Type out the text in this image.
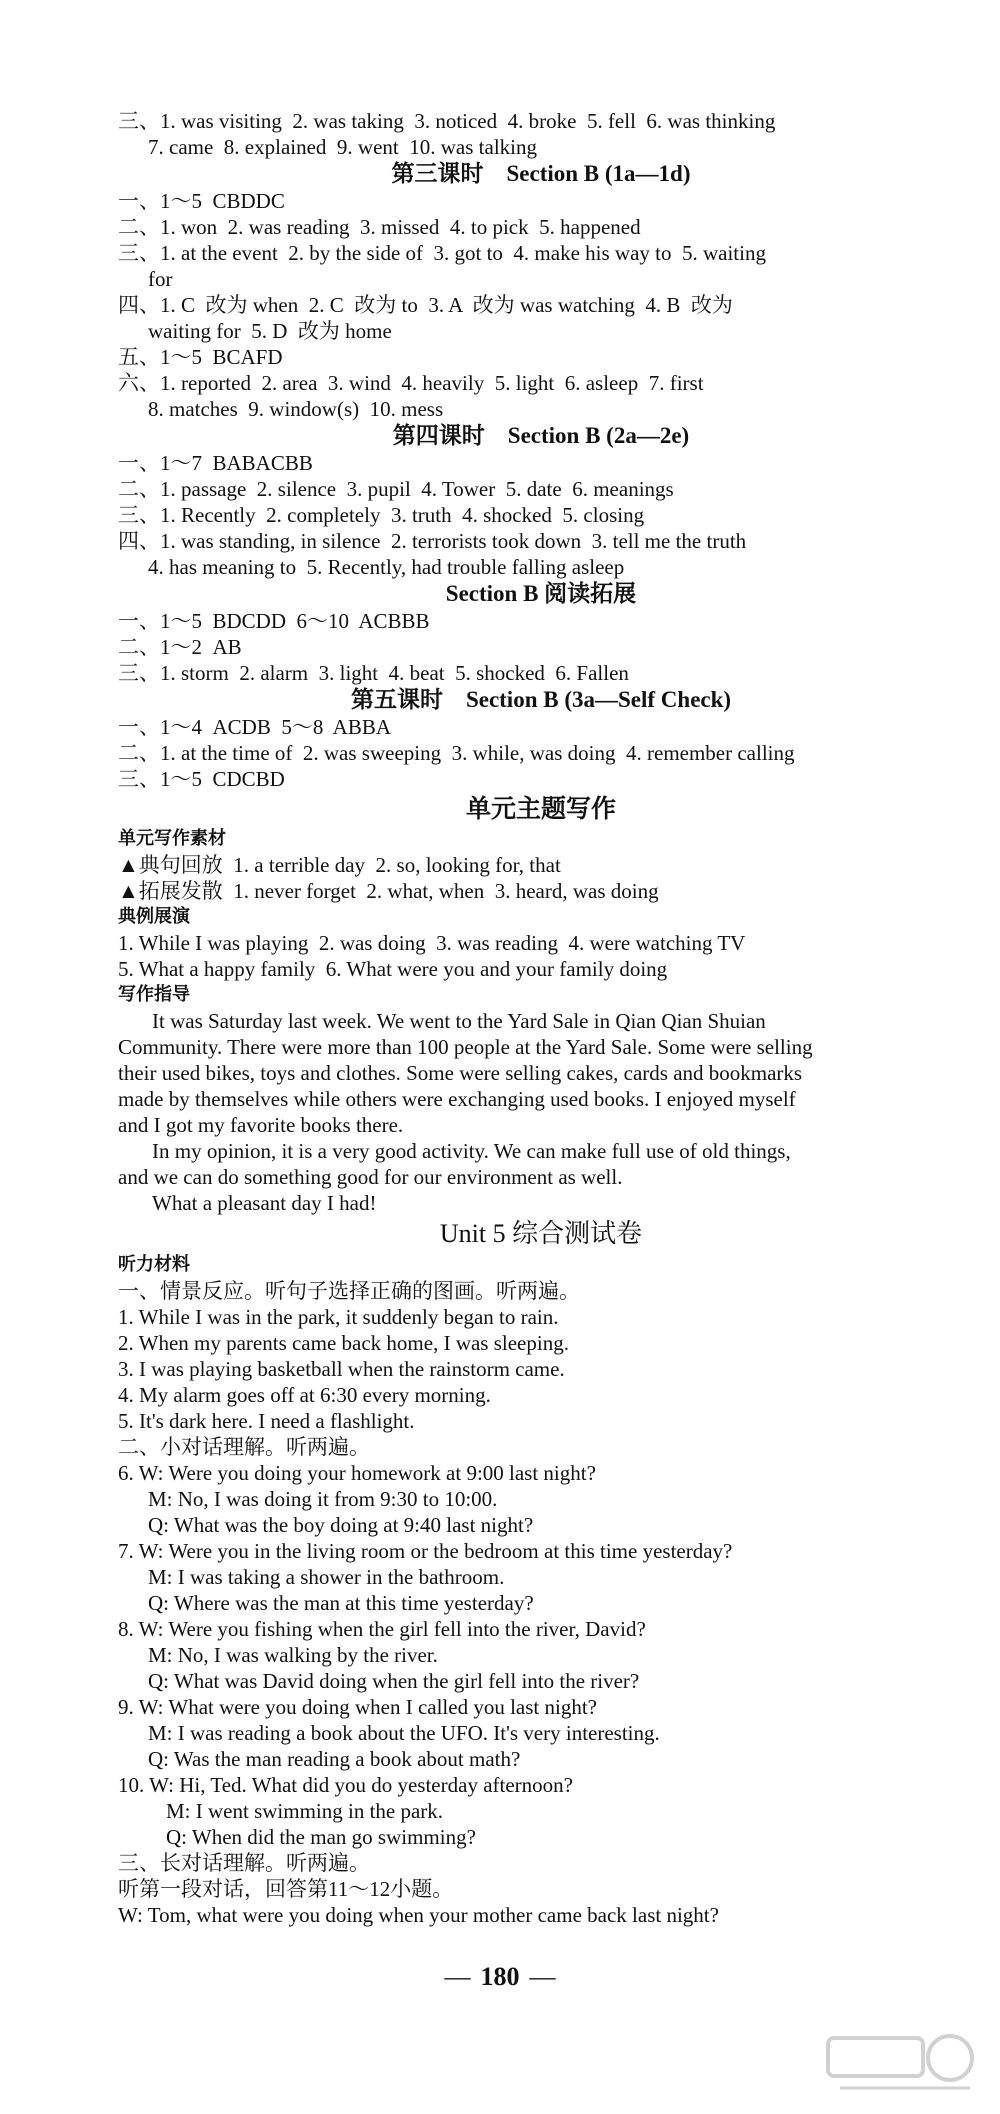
三、1. was visiting  2. was taking  3. noticed  4. broke  5. fell  6. was thinking
7. came  8. explained  9. went  10. was talking
第三课时    Section B (1a—1d)
一、1～5  CBDDC
二、1. won  2. was reading  3. missed  4. to pick  5. happened
三、1. at the event  2. by the side of  3. got to  4. make his way to  5. waiting
for
四、1. C  改为 when  2. C  改为 to  3. A  改为 was watching  4. B  改为
waiting for  5. D  改为 home
五、1～5  BCAFD
六、1. reported  2. area  3. wind  4. heavily  5. light  6. asleep  7. first
8. matches  9. window(s)  10. mess
第四课时    Section B (2a—2e)
一、1～7  BABACBB
二、1. passage  2. silence  3. pupil  4. Tower  5. date  6. meanings
三、1. Recently  2. completely  3. truth  4. shocked  5. closing
四、1. was standing, in silence  2. terrorists took down  3. tell me the truth
4. has meaning to  5. Recently, had trouble falling asleep
Section B 阅读拓展
一、1～5  BDCDD  6～10  ACBBB
二、1～2  AB
三、1. storm  2. alarm  3. light  4. beat  5. shocked  6. Fallen
第五课时    Section B (3a—Self Check)
一、1～4  ACDB  5～8  ABBA
二、1. at the time of  2. was sweeping  3. while, was doing  4. remember calling
三、1～5  CDCBD
单元主题写作
单元写作素材
▲典句回放  1. a terrible day  2. so, looking for, that
▲拓展发散  1. never forget  2. what, when  3. heard, was doing
典例展演
1. While I was playing  2. was doing  3. was reading  4. were watching TV
5. What a happy family  6. What were you and your family doing
写作指导
It was Saturday last week. We went to the Yard Sale in Qian Qian Shuian
Community. There were more than 100 people at the Yard Sale. Some were selling
their used bikes, toys and clothes. Some were selling cakes, cards and bookmarks
made by themselves while others were exchanging used books. I enjoyed myself
and I got my favorite books there.
In my opinion, it is a very good activity. We can make full use of old things,
and we can do something good for our environment as well.
What a pleasant day I had!
Unit 5 综合测试卷
听力材料
一、情景反应。听句子选择正确的图画。听两遍。
1. While I was in the park, it suddenly began to rain.
2. When my parents came back home, I was sleeping.
3. I was playing basketball when the rainstorm came.
4. My alarm goes off at 6:30 every morning.
5. It's dark here. I need a flashlight.
二、小对话理解。听两遍。
6. W: Were you doing your homework at 9:00 last night?
M: No, I was doing it from 9:30 to 10:00.
Q: What was the boy doing at 9:40 last night?
7. W: Were you in the living room or the bedroom at this time yesterday?
M: I was taking a shower in the bathroom.
Q: Where was the man at this time yesterday?
8. W: Were you fishing when the girl fell into the river, David?
M: No, I was walking by the river.
Q: What was David doing when the girl fell into the river?
9. W: What were you doing when I called you last night?
M: I was reading a book about the UFO. It's very interesting.
Q: Was the man reading a book about math?
10. W: Hi, Ted. What did you do yesterday afternoon?
M: I went swimming in the park.
Q: When did the man go swimming?
三、长对话理解。听两遍。
听第一段对话，回答第11～12小题。
W: Tom, what were you doing when your mother came back last night?
— 180 —
